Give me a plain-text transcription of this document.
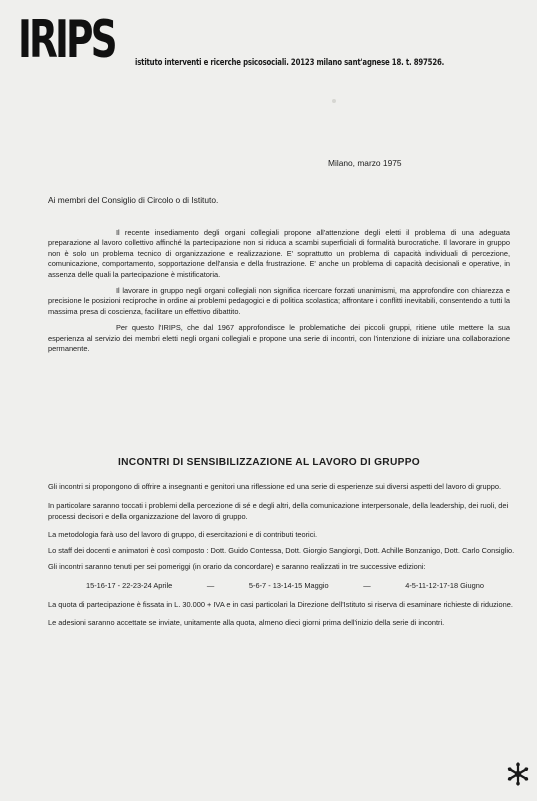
IRIPS istituto interventi e ricerche psicosociali. 20123 milano sant'agnese 18. t. 897526.
Milano, marzo 1975
Ai membri del Consiglio di Circolo o di Istituto.

Il recente insediamento degli organi collegiali propone all'attenzione degli eletti il problema di una adeguata preparazione al lavoro collettivo affinché la partecipazione non si riduca a scambi superficiali di formalità burocratiche. Il lavorare in gruppo non è solo un problema tecnico di organizzazione e realizzazione. E' soprattutto un problema di capacità individuali di percezione, comunicazione, comportamento, sopportazione dell'ansia e della frustrazione. E' anche un problema di capacità decisionali e operative, in assenza delle quali la partecipazione è mistificatoria.

Il lavorare in gruppo negli organi collegiali non significa ricercare forzati unanimismi, ma approfondire con chiarezza e precisione le posizioni reciproche in ordine ai problemi pedagogici e di politica scolastica; affrontare i conflitti inevitabili, consentendo a tutti la massima presa di coscienza, facilitare un effettivo dibattito.

Per questo l'IRIPS, che dal 1967 approfondisce le problematiche dei piccoli gruppi, ritiene utile mettere la sua esperienza al servizio dei membri eletti negli organi collegiali e propone una serie di incontri, con l'intenzione di iniziare una collaborazione permanente.

INCONTRI DI SENSIBILIZZAZIONE AL LAVORO DI GRUPPO

Gli incontri si propongono di offrire a insegnanti e genitori una riflessione ed una serie di esperienze sui diversi aspetti del lavoro di gruppo.

In particolare saranno toccati i problemi della percezione di sé e degli altri, della comunicazione interpersonale, della leadership, dei ruoli, dei processi decisori e della organizzazione del lavoro di gruppo.

La metodologia farà uso del lavoro di gruppo, di esercitazioni e di contributi teorici.

Lo staff dei docenti e animatori è così composto : Dott. Guido Contessa, Dott. Giorgio Sangiorgi, Dott. Achille Bonzanigo, Dott. Carlo Consiglio.

Gli incontri saranno tenuti per sei pomeriggi (in orario da concordare) e saranno realizzati in tre successive edizioni:

15-16-17 - 22-23-24 Aprile	—	5-6-7 - 13-14-15 Maggio	—	4-5-11-12-17-18 Giugno

La quota di partecipazione è fissata in L. 30.000 + IVA e in casi particolari la Direzione dell'Istituto si riserva di esaminare richieste di riduzione.

Le adesioni saranno accettate se inviate, unitamente alla quota, almeno dieci giorni prima dell'inizio della serie di incontri.
